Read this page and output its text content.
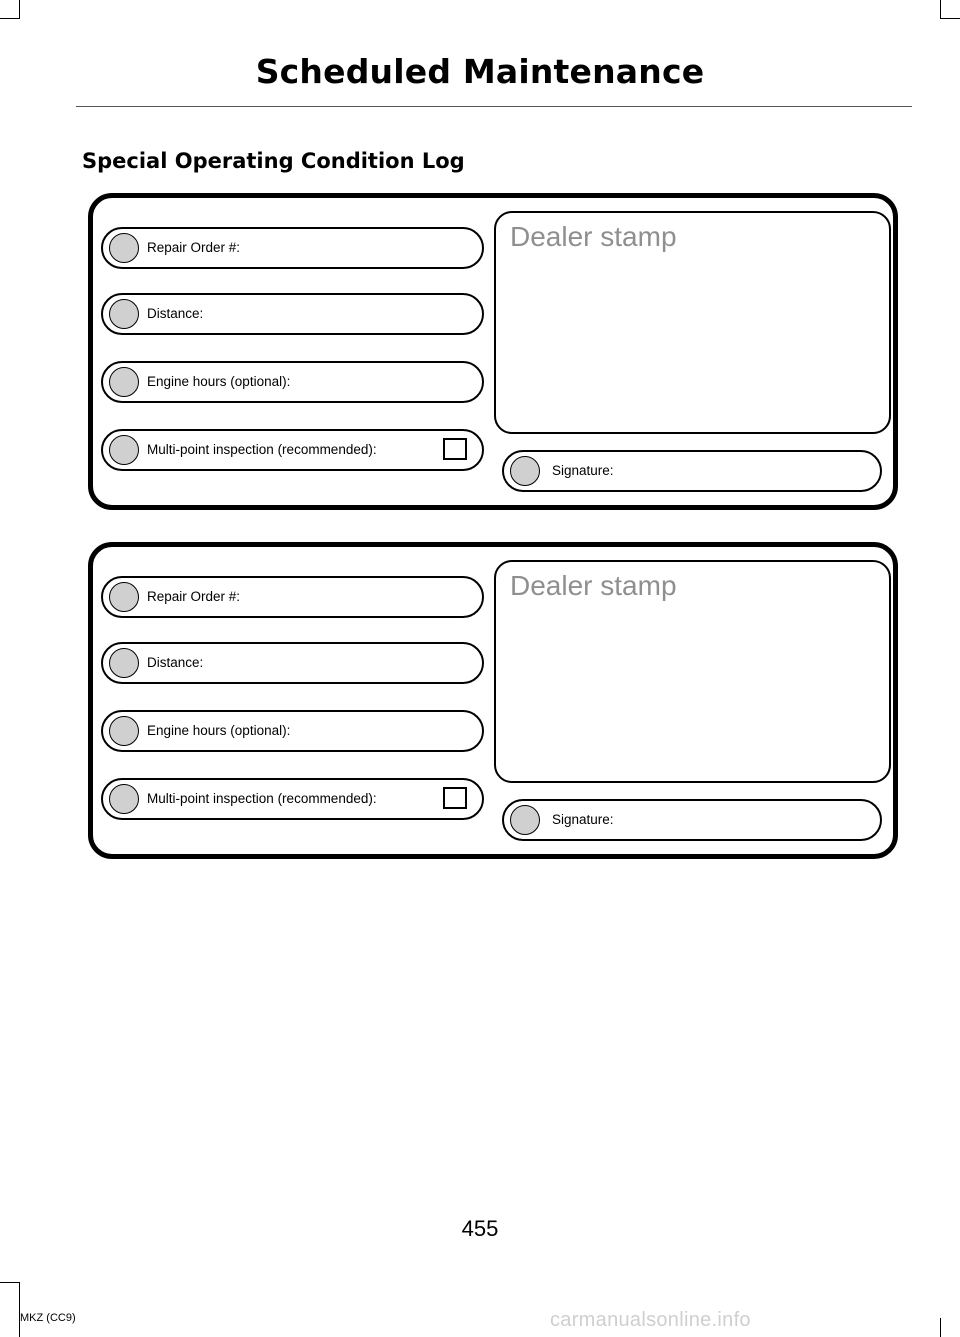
Scheduled Maintenance
Special Operating Condition Log
Repair Order #:
Distance:
Engine hours (optional):
Multi-point inspection (recommended):
Dealer stamp
Signature:
Repair Order #:
Distance:
Engine hours (optional):
Multi-point inspection (recommended):
Dealer stamp
Signature:
455
MKZ (CC9)	carmanualsonline.info
